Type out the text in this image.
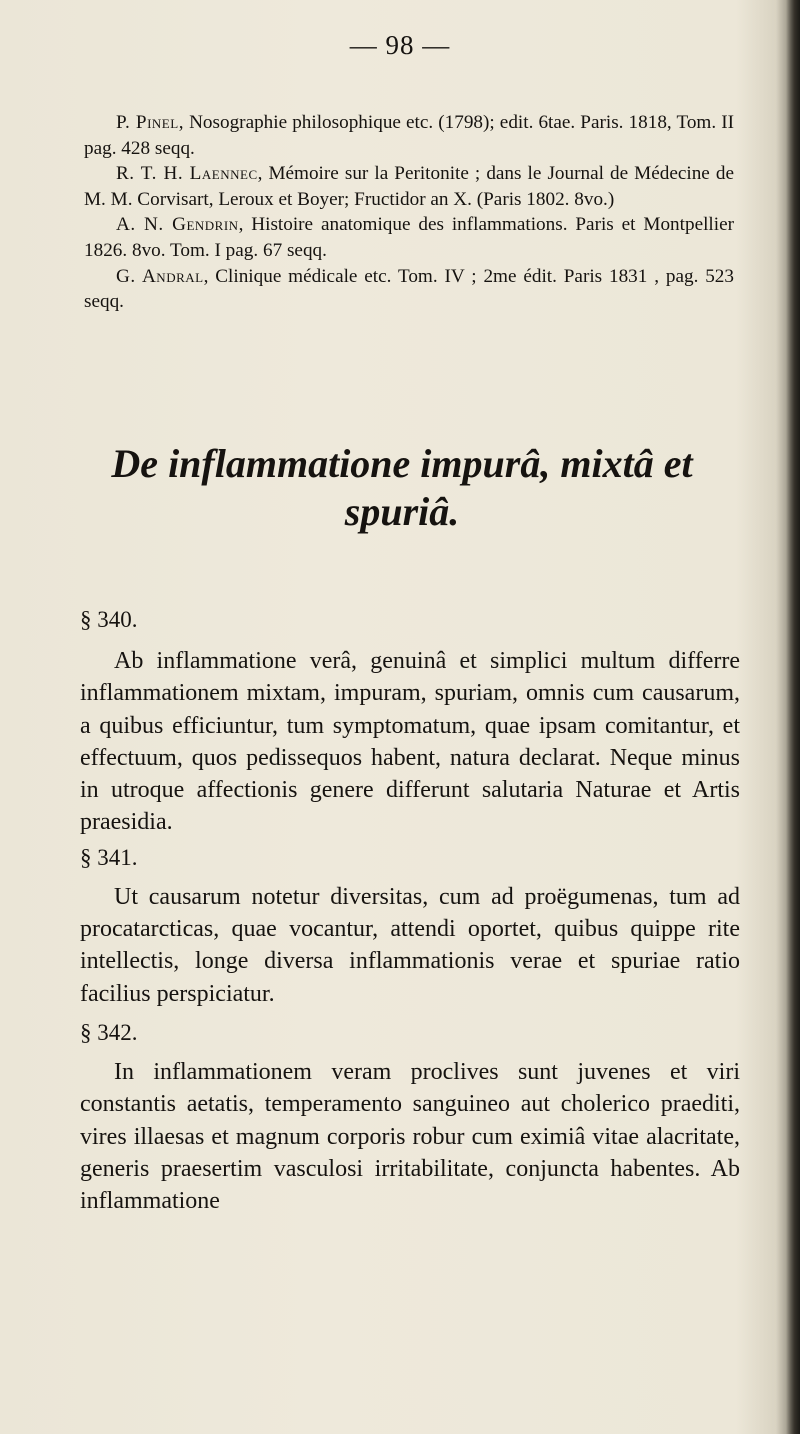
— 98 —

P. Pinel, Nosographie philosophique etc. (1798); edit. 6tae. Paris. 1818, Tom. II pag. 428 seqq.

R. T. H. Laennec, Mémoire sur la Peritonite ; dans le Journal de Médecine de M. M. Corvisart, Leroux et Boyer; Fructidor an X. (Paris 1802. 8vo.)

A. N. Gendrin, Histoire anatomique des inflammations. Paris et Montpellier 1826. 8vo. Tom. I pag. 67 seqq.

G. Andral, Clinique médicale etc. Tom. IV ; 2me édit. Paris 1831 , pag. 523 seqq.

De inflammatione impurâ, mixtâ et
spuriâ.

§ 340.

Ab inflammatione verâ, genuinâ et simplici multum differre inflammationem mixtam, impuram, spuriam, omnis cum causarum, a quibus efficiuntur, tum symptomatum, quae ipsam comitantur, et effectuum, quos pedissequos habent, natura declarat. Neque minus in utroque affectionis genere differunt salutaria Naturae et Artis praesidia.

§ 341.

Ut causarum notetur diversitas, cum ad proëgumenas, tum ad procatarcticas, quae vocantur, attendi oportet, quibus quippe rite intellectis, longe diversa inflammationis verae et spuriae ratio facilius perspiciatur.

§ 342.

In inflammationem veram proclives sunt juvenes et viri constantis aetatis, temperamento sanguineo aut cholerico praediti, vires illaesas et magnum corporis robur cum eximiâ vitae alacritate, generis praesertim vasculosi irritabilitate, conjuncta habentes. Ab inflammatione
